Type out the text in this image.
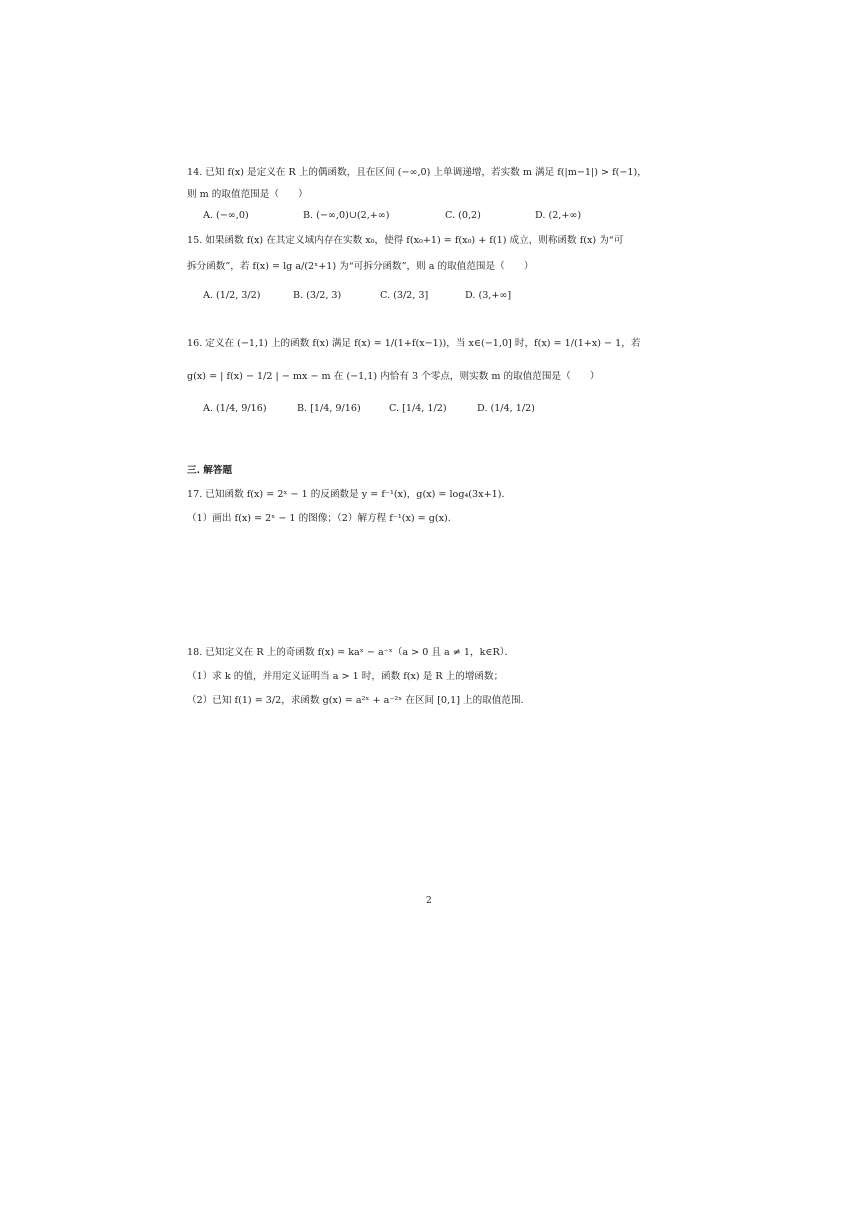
14. 已知 f(x) 是定义在 R 上的偶函数，且在区间 (−∞,0) 上单调递增，若实数 m 满足 f(|m−1|) > f(−1)，
则 m 的取值范围是（　　）
A. (−∞,0)	B. (−∞,0)∪(2,+∞)	C. (0,2)	D. (2,+∞)
15. 如果函数 f(x) 在其定义域内存在实数 x₀，使得 f(x₀+1) = f(x₀) + f(1) 成立，则称函数 f(x) 为“可
拆分函数”，若 f(x) = lg a/(2ˣ+1) 为“可拆分函数”，则 a 的取值范围是（　　）
A. (1/2, 3/2)	B. (3/2, 3)	C. (3/2, 3]	D. (3,+∞]
16. 定义在 (−1,1) 上的函数 f(x) 满足 f(x) = 1/(1+f(x−1))，当 x∈(−1,0] 时，f(x) = 1/(1+x) − 1，若
g(x) = | f(x) − 1/2 | − mx − m 在 (−1,1) 内恰有 3 个零点，则实数 m 的取值范围是（　　）
A. (1/4, 9/16)	B. [1/4, 9/16)	C. [1/4, 1/2)	D. (1/4, 1/2)
三. 解答题
17. 已知函数 f(x) = 2ˣ − 1 的反函数是 y = f⁻¹(x)，g(x) = log₄(3x+1)．
（1）画出 f(x) = 2ˣ − 1 的图像；（2）解方程 f⁻¹(x) = g(x)．
18. 已知定义在 R 上的奇函数 f(x) = kaˣ − a⁻ˣ（a > 0 且 a ≠ 1，k∈R）．
（1）求 k 的值，并用定义证明当 a > 1 时，函数 f(x) 是 R 上的增函数；
（2）已知 f(1) = 3/2，求函数 g(x) = a²ˣ + a⁻²ˣ 在区间 [0,1] 上的取值范围.
2
